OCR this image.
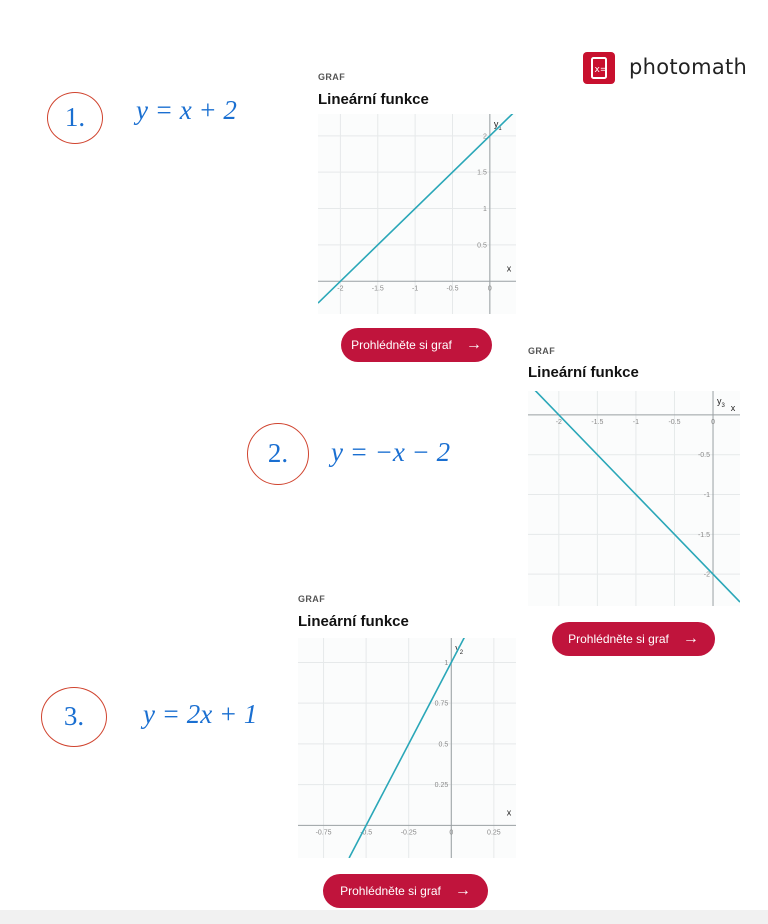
x= photomath
1.	y = x + 2
2.	y = −x − 2
3.	y = 2x + 1
GRAF
Lineární funkce
-2	-1.5	-1	-0.5	0
0.5
1
1.5
2
x
$y_1$
Prohlédněte si graf →	GRAF
Lineární funkce
-2	-1.5	-1	-0.5	0
-0.5
-1
-1.5
-2
x
$y_3$
Prohlédněte si graf →
GRAF
Lineární funkce
-0.75	-0.5	-0.25	0	0.25
0.25
0.5
0.75
1
x
$y_2$
Prohlédněte si graf →
